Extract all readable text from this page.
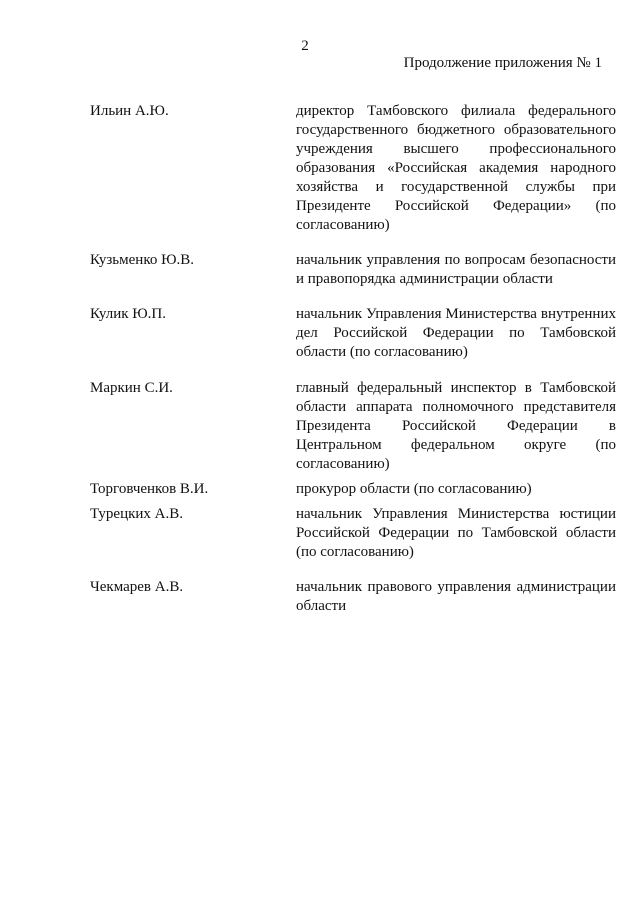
2
Продолжение приложения № 1
Ильин А.Ю.	директор Тамбовского филиала федерального государственного бюджетного образовательного учреждения высшего профессионального образования «Российская академия народного хозяйства и государственной службы при Президенте Российской Федерации» (по согласованию)
Кузьменко Ю.В.	начальник управления по вопросам безопасности и правопорядка администрации области
Кулик Ю.П.	начальник Управления Министерства внутренних дел Российской Федерации по Тамбовской области (по согласованию)
Маркин С.И.	главный федеральный инспектор в Тамбовской области аппарата полномочного представителя Президента Российской Федерации в Центральном федеральном округе (по согласованию)
Торговченков В.И.	прокурор области (по согласованию)
Турецких А.В.	начальник Управления Министерства юстиции Российской Федерации по Тамбовской области (по согласованию)
Чекмарев А.В.	начальник правового управления администрации области
